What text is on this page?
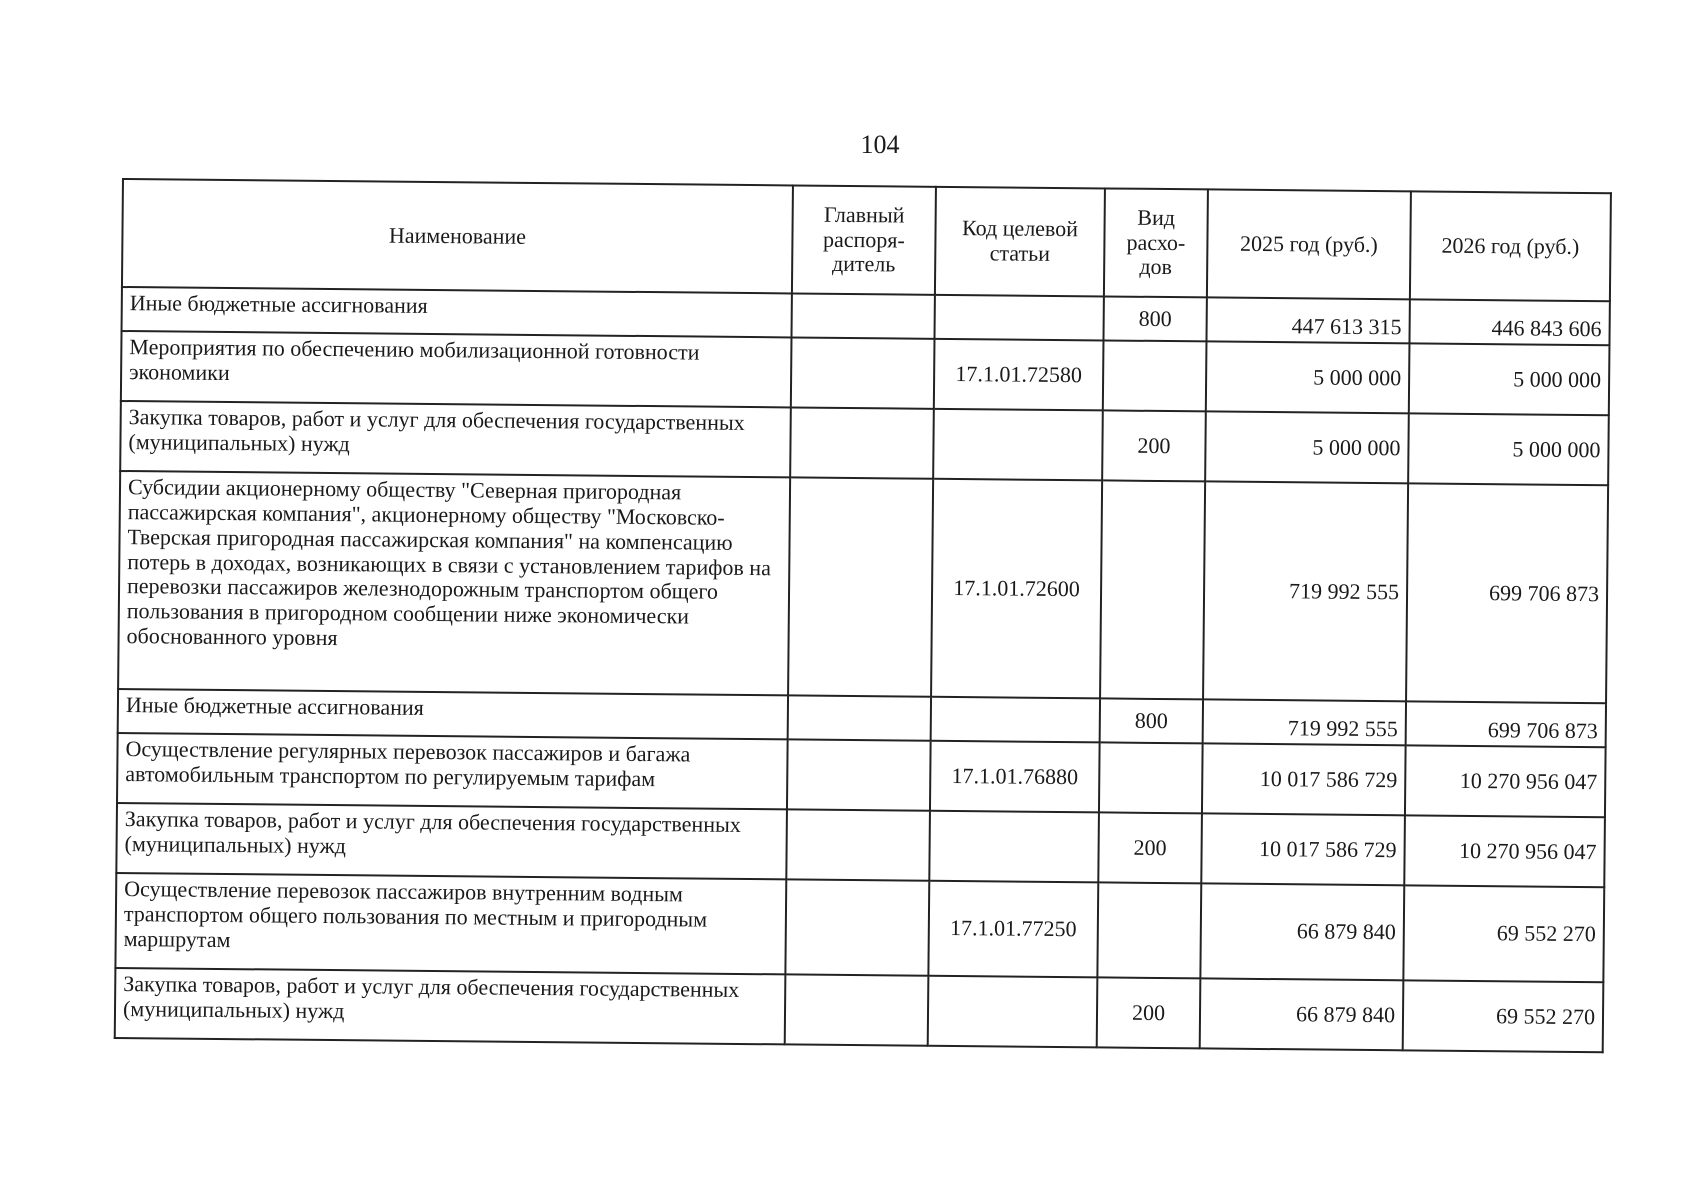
104
Наименование	Главный распоря-дитель	Код целевой статьи	Вид расхо-дов	2025 год (руб.)	2026 год (руб.)
Иные бюджетные ассигнования			800	447 613 315	446 843 606
Мероприятия по обеспечению мобилизационной готовности экономики		17.1.01.72580		5 000 000	5 000 000
Закупка товаров, работ и услуг для обеспечения государственных (муниципальных) нужд			200	5 000 000	5 000 000
Субсидии акционерному обществу "Северная пригородная пассажирская компания", акционерному обществу "Московско-Тверская пригородная пассажирская компания" на компенсацию потерь в доходах, возникающих в связи с установлением тарифов на перевозки пассажиров железнодорожным транспортом общего пользования в пригородном сообщении ниже экономически обоснованного уровня		17.1.01.72600		719 992 555	699 706 873
Иные бюджетные ассигнования			800	719 992 555	699 706 873
Осуществление регулярных перевозок пассажиров и багажа автомобильным транспортом по регулируемым тарифам		17.1.01.76880		10 017 586 729	10 270 956 047
Закупка товаров, работ и услуг для обеспечения государственных (муниципальных) нужд			200	10 017 586 729	10 270 956 047
Осуществление перевозок пассажиров внутренним водным транспортом общего пользования по местным и пригородным маршрутам		17.1.01.77250		66 879 840	69 552 270
Закупка товаров, работ и услуг для обеспечения государственных (муниципальных) нужд			200	66 879 840	69 552 270
